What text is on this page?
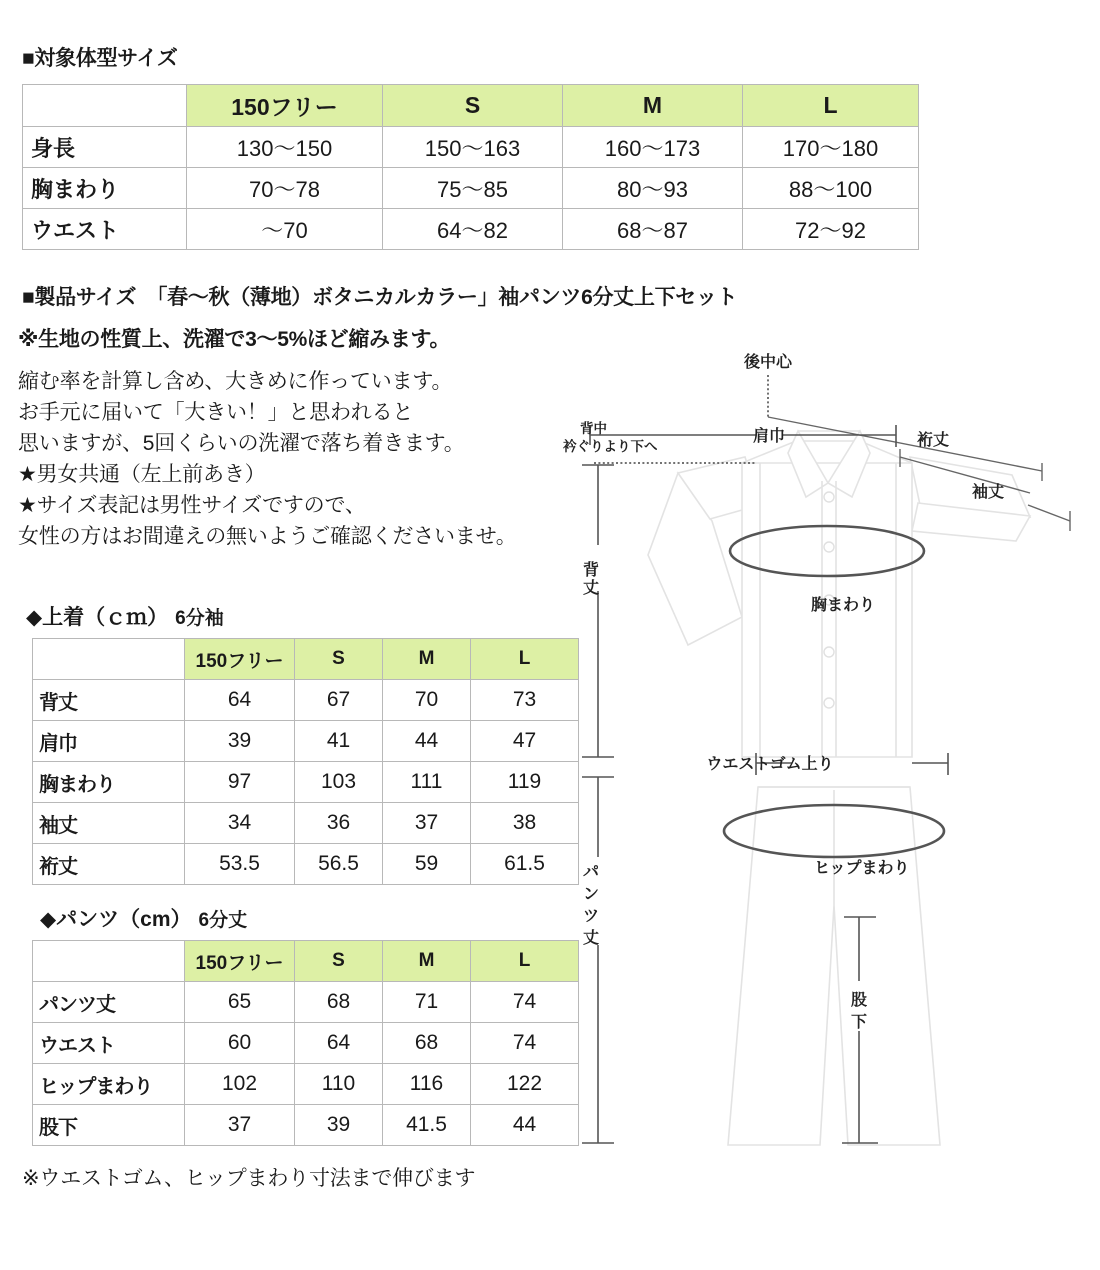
■対象体型サイズ
	150フリー	S	M	L
身長	130〜150	150〜163	160〜173	170〜180
胸まわり	70〜78	75〜85	80〜93	88〜100
ウエスト	〜70	64〜82	68〜87	72〜92
■製品サイズ　「春〜秋（薄地）ボタニカルカラー」袖パンツ6分丈上下セット
※生地の性質上、洗濯で3〜5%ほど縮みます。
縮む率を計算し含め、大きめに作っています。
お手元に届いて「大きい！」と思われると
思いますが、5回くらいの洗濯で落ち着きます。
★男女共通（左上前あき）
★サイズ表記は男性サイズですので、
女性の方はお間違えの無いようご確認くださいませ。
◆上着（ｃｍ） 6分袖
	150フリー	S	M	L
背丈	64	67	70	73
肩巾	39	41	44	47
胸まわり	97	103	111	119
袖丈	34	36	37	38
裄丈	53.5	56.5	59	61.5
◆パンツ（cm） 6分丈
	150フリー	S	M	L
パンツ丈	65	68	71	74
ウエスト	60	64	68	74
ヒップまわり	102	110	116	122
股下	37	39	41.5	44
※ウエストゴム、ヒップまわり寸法まで伸びます
後中心
背中
衿ぐりより下へ
肩巾	裄丈
袖丈
背
丈
胸まわり
ウエストゴム上り
ヒップまわり
パ
ン
ツ
丈
股
下
